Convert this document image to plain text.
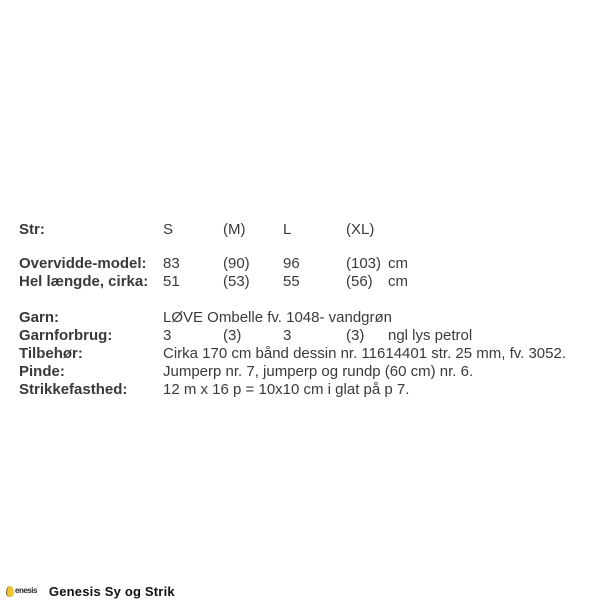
Str:	S	(M)	L	(XL)	

Overvidde-model:	83	(90)	96	(103)	cm
Hel længde, cirka:	51	(53)	55	(56)	cm

Garn:	LØVE Ombelle fv. 1048- vandgrøn				
Garnforbrug:	3	(3)	3	(3)	ngl lys petrol
Tilbehør:	Cirka 170 cm bånd dessin nr. 11614401 str. 25 mm, fv. 3052.				
Pinde:	Jumperp nr. 7, jumperp og rundp (60 cm) nr. 6.				
Strikkefasthed:	12 m x 16 p = 10x10 cm i glat på p 7.				
enesis Genesis Sy og Strik
